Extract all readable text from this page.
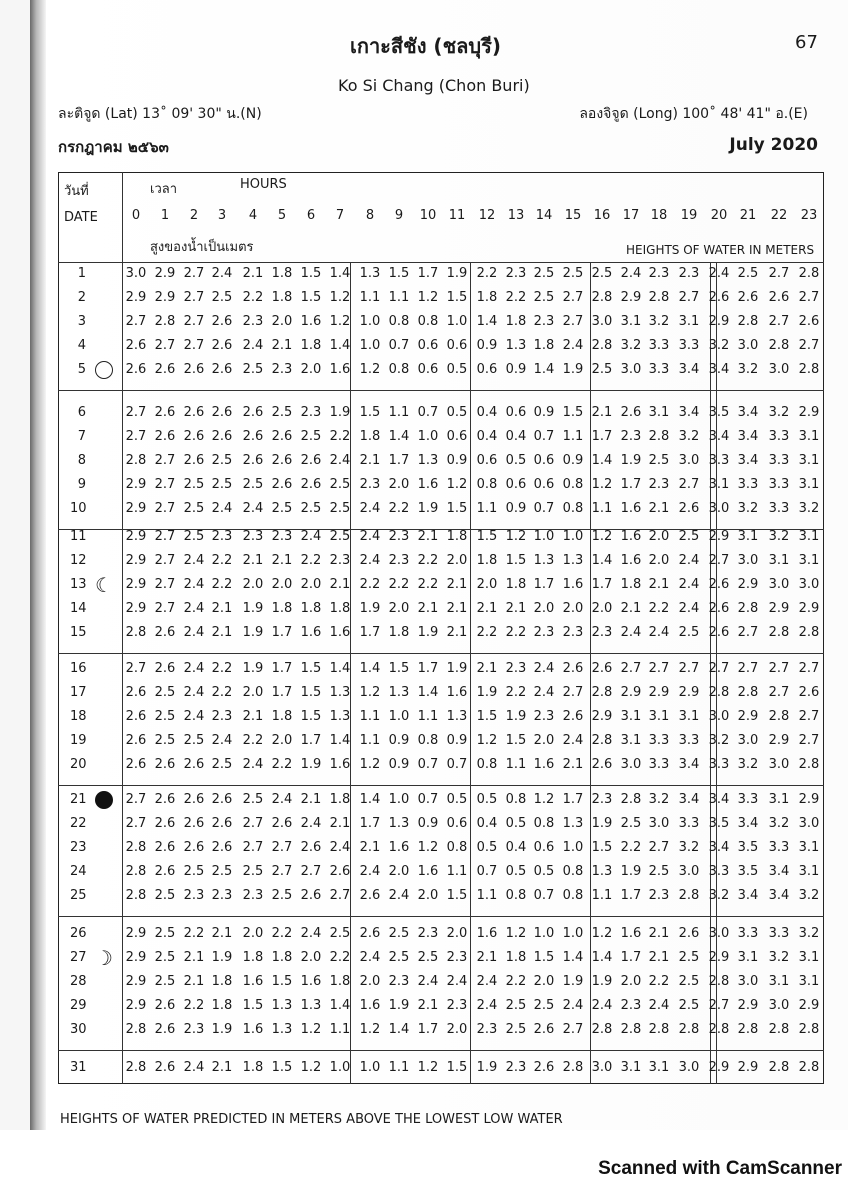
เกาะสีชัง (ชลบุรี)	67
Ko Si Chang (Chon Buri)
ละติจูด (Lat) 13˚ 09' 30" น.(N)	ลองจิจูด (Long) 100˚ 48' 41" อ.(E)
กรกฎาคม ๒๕๖๓	July 2020
วันที่
DATE
เวลา	HOURS
สูงของน้ำเป็นเมตร	HEIGHTS OF WATER IN METERS
0	1	2	3	4	5	6	7	8	9	10 11 12 13 14 15 16 17 18 19 20 21 22 23
1	3.0 2.9 2.7 2.4 2.1 1.8 1.5 1.4 1.3 1.5 1.7 1.9 2.2 2.3 2.5 2.5 2.5 2.4 2.3 2.3 2.4 2.5 2.7 2.8
2	2.9 2.9 2.7 2.5 2.2 1.8 1.5 1.2 1.1 1.1 1.2 1.5 1.8 2.2 2.5 2.7 2.8 2.9 2.8 2.7 2.6 2.6 2.6 2.7
3	2.7 2.8 2.7 2.6 2.3 2.0 1.6 1.2 1.0 0.8 0.8 1.0 1.4 1.8 2.3 2.7 3.0 3.1 3.2 3.1 2.9 2.8 2.7 2.6
4	2.6 2.7 2.7 2.6 2.4 2.1 1.8 1.4 1.0 0.7 0.6 0.6 0.9 1.3 1.8 2.4 2.8 3.2 3.3 3.3 3.2 3.0 2.8 2.7
5	2.6 2.6 2.6 2.6 2.5 2.3 2.0 1.6 1.2 0.8 0.6 0.5 0.6 0.9 1.4 1.9 2.5 3.0 3.3 3.4 3.4 3.2 3.0 2.8
6	2.7 2.6 2.6 2.6 2.6 2.5 2.3 1.9 1.5 1.1 0.7 0.5 0.4 0.6 0.9 1.5 2.1 2.6 3.1 3.4 3.5 3.4 3.2 2.9
7	2.7 2.6 2.6 2.6 2.6 2.6 2.5 2.2 1.8 1.4 1.0 0.6 0.4 0.4 0.7 1.1 1.7 2.3 2.8 3.2 3.4 3.4 3.3 3.1
8	2.8 2.7 2.6 2.5 2.6 2.6 2.6 2.4 2.1 1.7 1.3 0.9 0.6 0.5 0.6 0.9 1.4 1.9 2.5 3.0 3.3 3.4 3.3 3.1
9	2.9 2.7 2.5 2.5 2.5 2.6 2.6 2.5 2.3 2.0 1.6 1.2 0.8 0.6 0.6 0.8 1.2 1.7 2.3 2.7 3.1 3.3 3.3 3.1
10	2.9 2.7 2.5 2.4 2.4 2.5 2.5 2.5 2.4 2.2 1.9 1.5 1.1 0.9 0.7 0.8 1.1 1.6 2.1 2.6 3.0 3.2 3.3 3.2
11	2.9 2.7 2.5 2.3 2.3 2.3 2.4 2.5 2.4 2.3 2.1 1.8 1.5 1.2 1.0 1.0 1.2 1.6 2.0 2.5 2.9 3.1 3.2 3.1
12	2.9 2.7 2.4 2.2 2.1 2.1 2.2 2.3 2.4 2.3 2.2 2.0 1.8 1.5 1.3 1.3 1.4 1.6 2.0 2.4 2.7 3.0 3.1 3.1
13 ☾ 2.9 2.7 2.4 2.2 2.0 2.0 2.0 2.1 2.2 2.2 2.2 2.1 2.0 1.8 1.7 1.6 1.7 1.8 2.1 2.4 2.6 2.9 3.0 3.0
14	2.9 2.7 2.4 2.1 1.9 1.8 1.8 1.8 1.9 2.0 2.1 2.1 2.1 2.1 2.0 2.0 2.0 2.1 2.2 2.4 2.6 2.8 2.9 2.9
15	2.8 2.6 2.4 2.1 1.9 1.7 1.6 1.6 1.7 1.8 1.9 2.1 2.2 2.2 2.3 2.3 2.3 2.4 2.4 2.5 2.6 2.7 2.8 2.8
16	2.7 2.6 2.4 2.2 1.9 1.7 1.5 1.4 1.4 1.5 1.7 1.9 2.1 2.3 2.4 2.6 2.6 2.7 2.7 2.7 2.7 2.7 2.7 2.7
17	2.6 2.5 2.4 2.2 2.0 1.7 1.5 1.3 1.2 1.3 1.4 1.6 1.9 2.2 2.4 2.7 2.8 2.9 2.9 2.9 2.8 2.8 2.7 2.6
18	2.6 2.5 2.4 2.3 2.1 1.8 1.5 1.3 1.1 1.0 1.1 1.3 1.5 1.9 2.3 2.6 2.9 3.1 3.1 3.1 3.0 2.9 2.8 2.7
19	2.6 2.5 2.5 2.4 2.2 2.0 1.7 1.4 1.1 0.9 0.8 0.9 1.2 1.5 2.0 2.4 2.8 3.1 3.3 3.3 3.2 3.0 2.9 2.7
20	2.6 2.6 2.6 2.5 2.4 2.2 1.9 1.6 1.2 0.9 0.7 0.7 0.8 1.1 1.6 2.1 2.6 3.0 3.3 3.4 3.3 3.2 3.0 2.8
21	2.7 2.6 2.6 2.6 2.5 2.4 2.1 1.8 1.4 1.0 0.7 0.5 0.5 0.8 1.2 1.7 2.3 2.8 3.2 3.4 3.4 3.3 3.1 2.9
22	2.7 2.6 2.6 2.6 2.7 2.6 2.4 2.1 1.7 1.3 0.9 0.6 0.4 0.5 0.8 1.3 1.9 2.5 3.0 3.3 3.5 3.4 3.2 3.0
23	2.8 2.6 2.6 2.6 2.7 2.7 2.6 2.4 2.1 1.6 1.2 0.8 0.5 0.4 0.6 1.0 1.5 2.2 2.7 3.2 3.4 3.5 3.3 3.1
24	2.8 2.6 2.5 2.5 2.5 2.7 2.7 2.6 2.4 2.0 1.6 1.1 0.7 0.5 0.5 0.8 1.3 1.9 2.5 3.0 3.3 3.5 3.4 3.1
25	2.8 2.5 2.3 2.3 2.3 2.5 2.6 2.7 2.6 2.4 2.0 1.5 1.1 0.8 0.7 0.8 1.1 1.7 2.3 2.8 3.2 3.4 3.4 3.2
26	2.9 2.5 2.2 2.1 2.0 2.2 2.4 2.5 2.6 2.5 2.3 2.0 1.6 1.2 1.0 1.0 1.2 1.6 2.1 2.6 3.0 3.3 3.3 3.2
27 ☽ 2.9 2.5 2.1 1.9 1.8 1.8 2.0 2.2 2.4 2.5 2.5 2.3 2.1 1.8 1.5 1.4 1.4 1.7 2.1 2.5 2.9 3.1 3.2 3.1
28	2.9 2.5 2.1 1.8 1.6 1.5 1.6 1.8 2.0 2.3 2.4 2.4 2.4 2.2 2.0 1.9 1.9 2.0 2.2 2.5 2.8 3.0 3.1 3.1
29	2.9 2.6 2.2 1.8 1.5 1.3 1.3 1.4 1.6 1.9 2.1 2.3 2.4 2.5 2.5 2.4 2.4 2.3 2.4 2.5 2.7 2.9 3.0 2.9
30	2.8 2.6 2.3 1.9 1.6 1.3 1.2 1.1 1.2 1.4 1.7 2.0 2.3 2.5 2.6 2.7 2.8 2.8 2.8 2.8 2.8 2.8 2.8 2.8
31	2.8 2.6 2.4 2.1 1.8 1.5 1.2 1.0 1.0 1.1 1.2 1.5 1.9 2.3 2.6 2.8 3.0 3.1 3.1 3.0 2.9 2.9 2.8 2.8
HEIGHTS OF WATER PREDICTED IN METERS ABOVE THE LOWEST LOW WATER
Scanned with CamScanner
